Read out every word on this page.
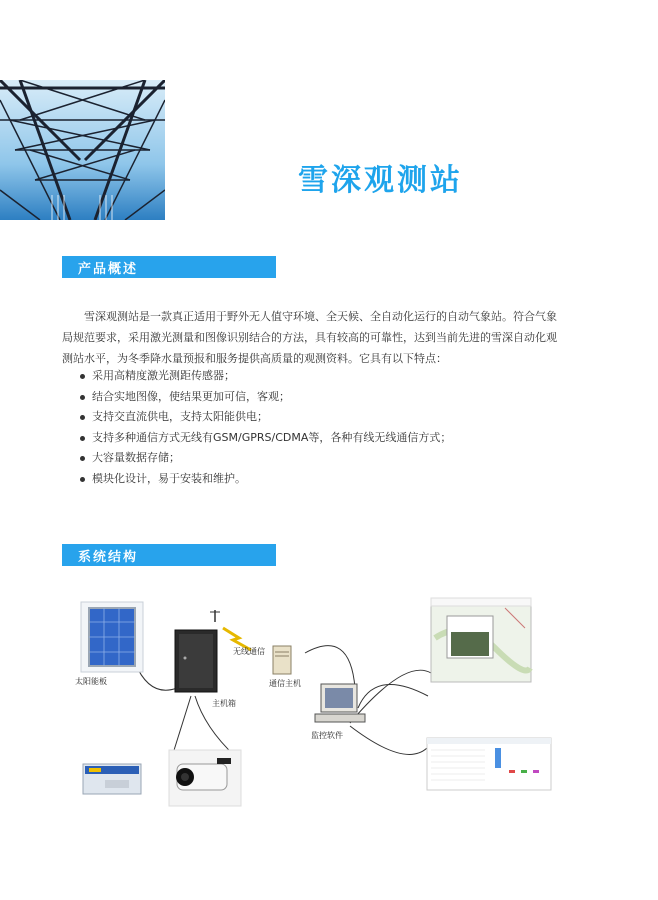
雪深观测站
产品概述

雪深观测站是一款真正适用于野外无人值守环境、全天候、全自动化运行的自动气象站。符合气象局规范要求，采用激光测量和图像识别结合的方法，具有较高的可靠性，达到当前先进的雪深自动化观测站水平，为冬季降水量预报和服务提供高质量的观测资料。它具有以下特点：

采用高精度激光测距传感器；
结合实地图像，使结果更加可信，客观；
支持交直流供电，支持太阳能供电；
支持多种通信方式无线有GSM/GPRS/CDMA等，各种有线无线通信方式；
大容量数据存储；
模块化设计，易于安装和维护。
系统结构
太阳能板
无线通信
主机箱
通信主机
监控软件
